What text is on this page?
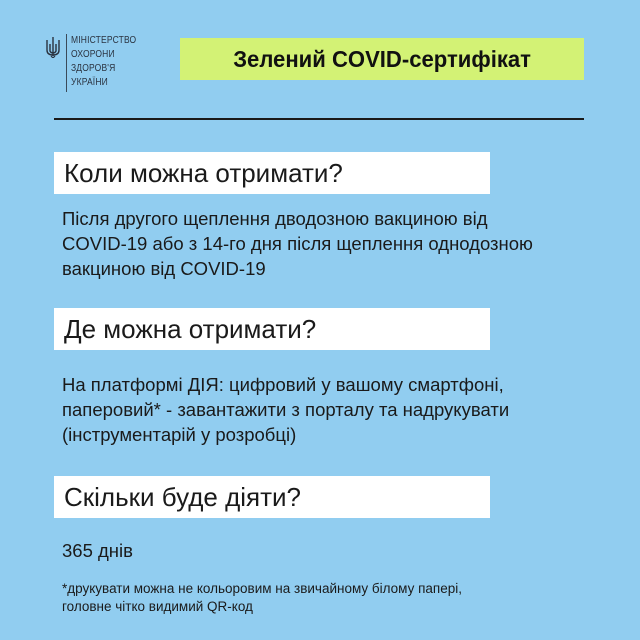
МІНІСТЕРСТВО
ОХОРОНИ
ЗДОРОВ'Я
УКРАЇНИ
Зелений COVID-сертифікат
Коли можна отримати?
Після другого щеплення дводозною вакциною від
COVID-19 або з 14-го дня після щеплення однодозною
вакциною від COVID-19
Де можна отримати?
На платформі ДІЯ: цифровий у вашому смартфоні,
паперовий* - завантажити з порталу та надрукувати
(інструментарій у розробці)
Скільки буде діяти?
365 днів
*друкувати можна не кольоровим на звичайному білому папері,
головне чітко видимий QR-код
